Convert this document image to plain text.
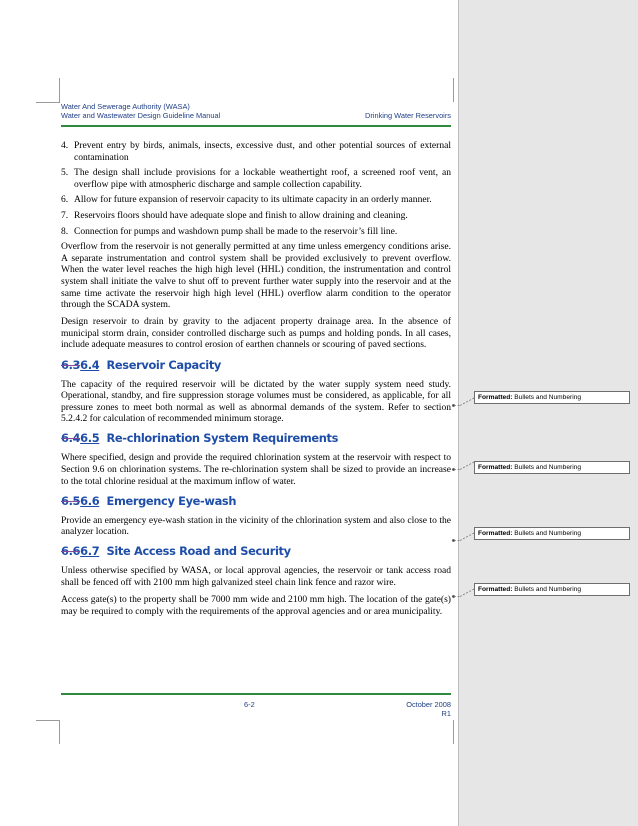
Water And Sewerage Authority (WASA)
Water and Wastewater Design Guideline Manual	Drinking Water Reservoirs
4. Prevent entry by birds, animals, insects, excessive dust, and other potential sources of external contamination
5. The design shall include provisions for a lockable weathertight roof, a screened roof vent, an overflow pipe with atmospheric discharge and sample collection capability.
6. Allow for future expansion of reservoir capacity to its ultimate capacity in an orderly manner.
7. Reservoirs floors should have adequate slope and finish to allow draining and cleaning.
8. Connection for pumps and washdown pump shall be made to the reservoir’s fill line.

Overflow from the reservoir is not generally permitted at any time unless emergency conditions arise. A separate instrumentation and control system shall be provided exclusively to prevent overflow. When the water level reaches the high high level (HHL) condition, the instrumentation and control system shall initiate the valve to shut off to prevent further water supply into the reservoir and at the same time activate the reservoir high high level (HHL) overflow alarm condition to the operator through the SCADA system.

Design reservoir to drain by gravity to the adjacent property drainage area. In the absence of municipal storm drain, consider controlled discharge such as pumps and holding ponds. In all cases, include adequate measures to control erosion of earthen channels or scouring of paved sections.

6.36.4 Reservoir Capacity

The capacity of the required reservoir will be dictated by the water supply system need study. Operational, standby, and fire suppression storage volumes must be considered, as applicable, for all pressure zones to meet both normal as well as abnormal demands of the system. Refer to section 5.2.4.2 for calculation of recommended minimum storage.

6.46.5 Re-chlorination System Requirements

Where specified, design and provide the required chlorination system at the reservoir with respect to Section 9.6 on chlorination systems. The re-chlorination system shall be sized to provide an increase to the total chlorine residual at the maximum inflow of water.

6.56.6 Emergency Eye-wash

Provide an emergency eye-wash station in the vicinity of the chlorination system and also close to the analyzer location.

6.66.7 Site Access Road and Security

Unless otherwise specified by WASA, or local approval agencies, the reservoir or tank access road shall be fenced off with 2100 mm high galvanized steel chain link fence and razor wire.

Access gate(s) to the property shall be 7000 mm wide and 2100 mm high. The location of the gate(s) may be required to comply with the requirements of the approval agencies and or area municipality.

6-2	October 2008
R1
Formatted: Bullets and Numbering
Formatted: Bullets and Numbering
Formatted: Bullets and Numbering
Formatted: Bullets and Numbering
